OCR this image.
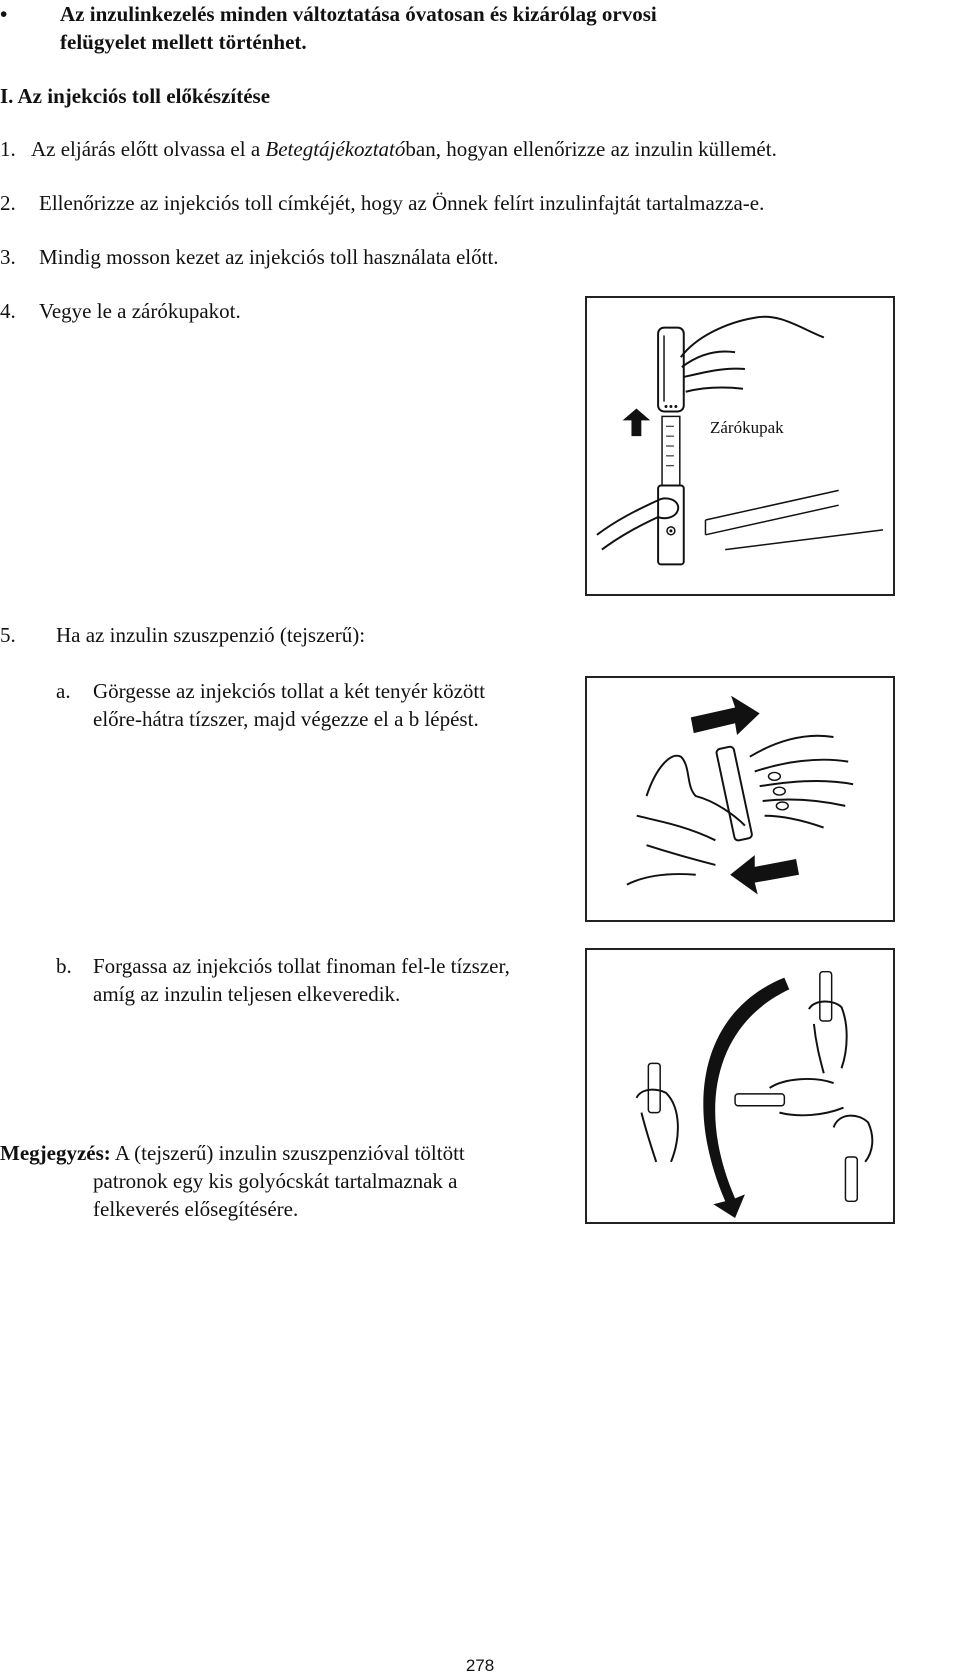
•	Az inzulinkezelés minden változtatása óvatosan és kizárólag orvosi
felügyelet mellett történhet.
I. Az injekciós toll előkészítése
1. Az eljárás előtt olvassa el a Betegtájékoztatóban, hogyan ellenőrizze az inzulin küllemét.
2. Ellenőrizze az injekciós toll címkéjét, hogy az Önnek felírt inzulinfajtát tartalmazza-e.
3. Mindig mosson kezet az injekciós toll használata előtt.
4. Vegye le a zárókupakot.
Zárókupak
5. Ha az inzulin szuszpenzió (tejszerű):
a. Görgesse az injekciós tollat a két tenyér között
előre-hátra tízszer, majd végezze el a b lépést.
b. Forgassa az injekciós tollat finoman fel-le tízszer,
amíg az inzulin teljesen elkeveredik.
Megjegyzés: A (tejszerű) inzulin szuszpenzióval töltött
patronok egy kis golyócskát tartalmaznak a
felkeverés elősegítésére.
278
